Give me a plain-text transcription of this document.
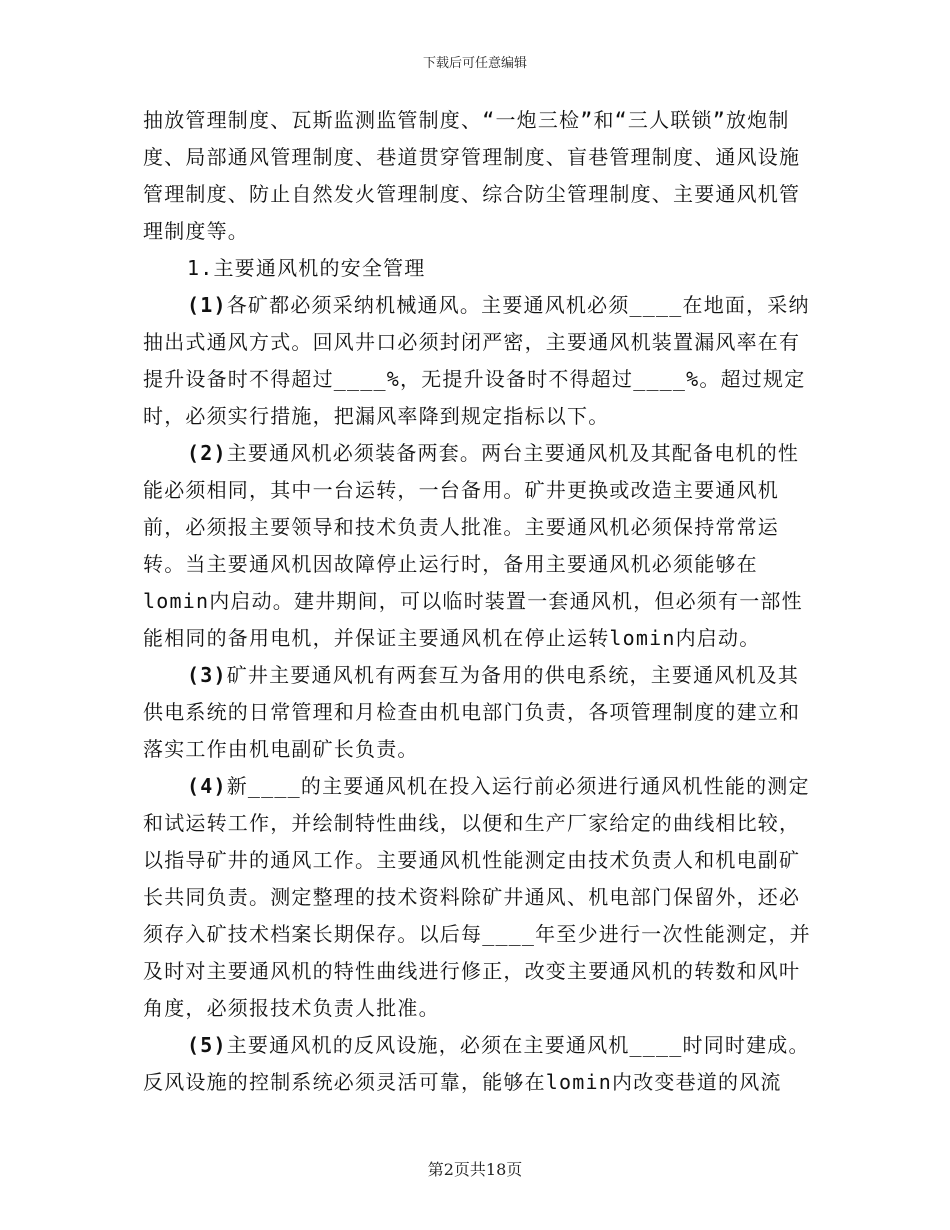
下载后可任意编辑

抽放管理制度、瓦斯监测监管制度、“一炮三检”和“三人联锁”放炮制度、局部通风管理制度、巷道贯穿管理制度、盲巷管理制度、通风设施管理制度、防止自然发火管理制度、综合防尘管理制度、主要通风机管理制度等。

1.主要通风机的安全管理

(1)各矿都必须采纳机械通风。主要通风机必须____在地面，采纳抽出式通风方式。回风井口必须封闭严密，主要通风机装置漏风率在有提升设备时不得超过____%，无提升设备时不得超过____%。超过规定时，必须实行措施，把漏风率降到规定指标以下。

(2)主要通风机必须装备两套。两台主要通风机及其配备电机的性能必须相同，其中一台运转，一台备用。矿井更换或改造主要通风机前，必须报主要领导和技术负责人批准。主要通风机必须保持常常运转。当主要通风机因故障停止运行时，备用主要通风机必须能够在lomin内启动。建井期间，可以临时装置一套通风机，但必须有一部性能相同的备用电机，并保证主要通风机在停止运转lomin内启动。

(3)矿井主要通风机有两套互为备用的供电系统，主要通风机及其供电系统的日常管理和月检查由机电部门负责，各项管理制度的建立和落实工作由机电副矿长负责。

(4)新____的主要通风机在投入运行前必须进行通风机性能的测定和试运转工作，并绘制特性曲线，以便和生产厂家给定的曲线相比较，以指导矿井的通风工作。主要通风机性能测定由技术负责人和机电副矿长共同负责。测定整理的技术资料除矿井通风、机电部门保留外，还必须存入矿技术档案长期保存。以后每____年至少进行一次性能测定，并及时对主要通风机的特性曲线进行修正，改变主要通风机的转数和风叶角度，必须报技术负责人批准。

(5)主要通风机的反风设施，必须在主要通风机____时同时建成。反风设施的控制系统必须灵活可靠，能够在lomin内改变巷道的风流

第2页共18页
